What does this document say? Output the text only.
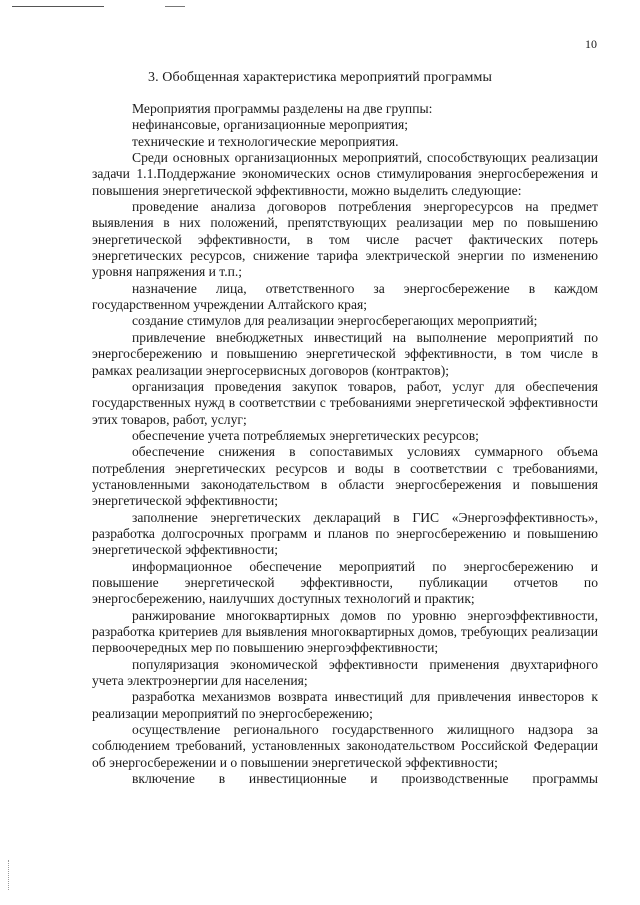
10
3. Обобщенная характеристика мероприятий программы

Мероприятия программы разделены на две группы:

нефинансовые, организационные мероприятия;

технические и технологические мероприятия.

Среди основных организационных мероприятий, способствующих реализации задачи 1.1.Поддержание экономических основ стимулирования энергосбережения и повышения энергетической эффективности, можно выделить следующие:

проведение анализа договоров потребления энергоресурсов на предмет выявления в них положений, препятствующих реализации мер по повышению энергетической эффективности, в том числе расчет фактических потерь энергетических ресурсов, снижение тарифа электрической энергии по изменению уровня напряжения и т.п.;

назначение лица, ответственного за энергосбережение в каждом государственном учреждении Алтайского края;

создание стимулов для реализации энергосберегающих мероприятий;

привлечение внебюджетных инвестиций на выполнение мероприятий по энергосбережению и повышению энергетической эффективности, в том числе в рамках реализации энергосервисных договоров (контрактов);

организация проведения закупок товаров, работ, услуг для обеспечения государственных нужд в соответствии с требованиями энергетической эффективности этих товаров, работ, услуг;

обеспечение учета потребляемых энергетических ресурсов;

обеспечение снижения в сопоставимых условиях суммарного объема потребления энергетических ресурсов и воды в соответствии с требованиями, установленными законодательством в области энергосбережения и повышения энергетической эффективности;

заполнение энергетических деклараций в ГИС «Энергоэффективность», разработка долгосрочных программ и планов по энергосбережению и повышению энергетической эффективности;

информационное обеспечение мероприятий по энергосбережению и повышение энергетической эффективности, публикации отчетов по энергосбережению, наилучших доступных технологий и практик;

ранжирование многоквартирных домов по уровню энергоэффективности, разработка критериев для выявления многоквартирных домов, требующих реализации первоочередных мер по повышению энергоэффективности;

популяризация экономической эффективности применения двухтарифного учета электроэнергии для населения;

разработка механизмов возврата инвестиций для привлечения инвесторов к реализации мероприятий по энергосбережению;

осуществление регионального государственного жилищного надзора за соблюдением требований, установленных законодательством Российской Федерации об энергосбережении и о повышении энергетической эффективности;

включение в инвестиционные и производственные программы
